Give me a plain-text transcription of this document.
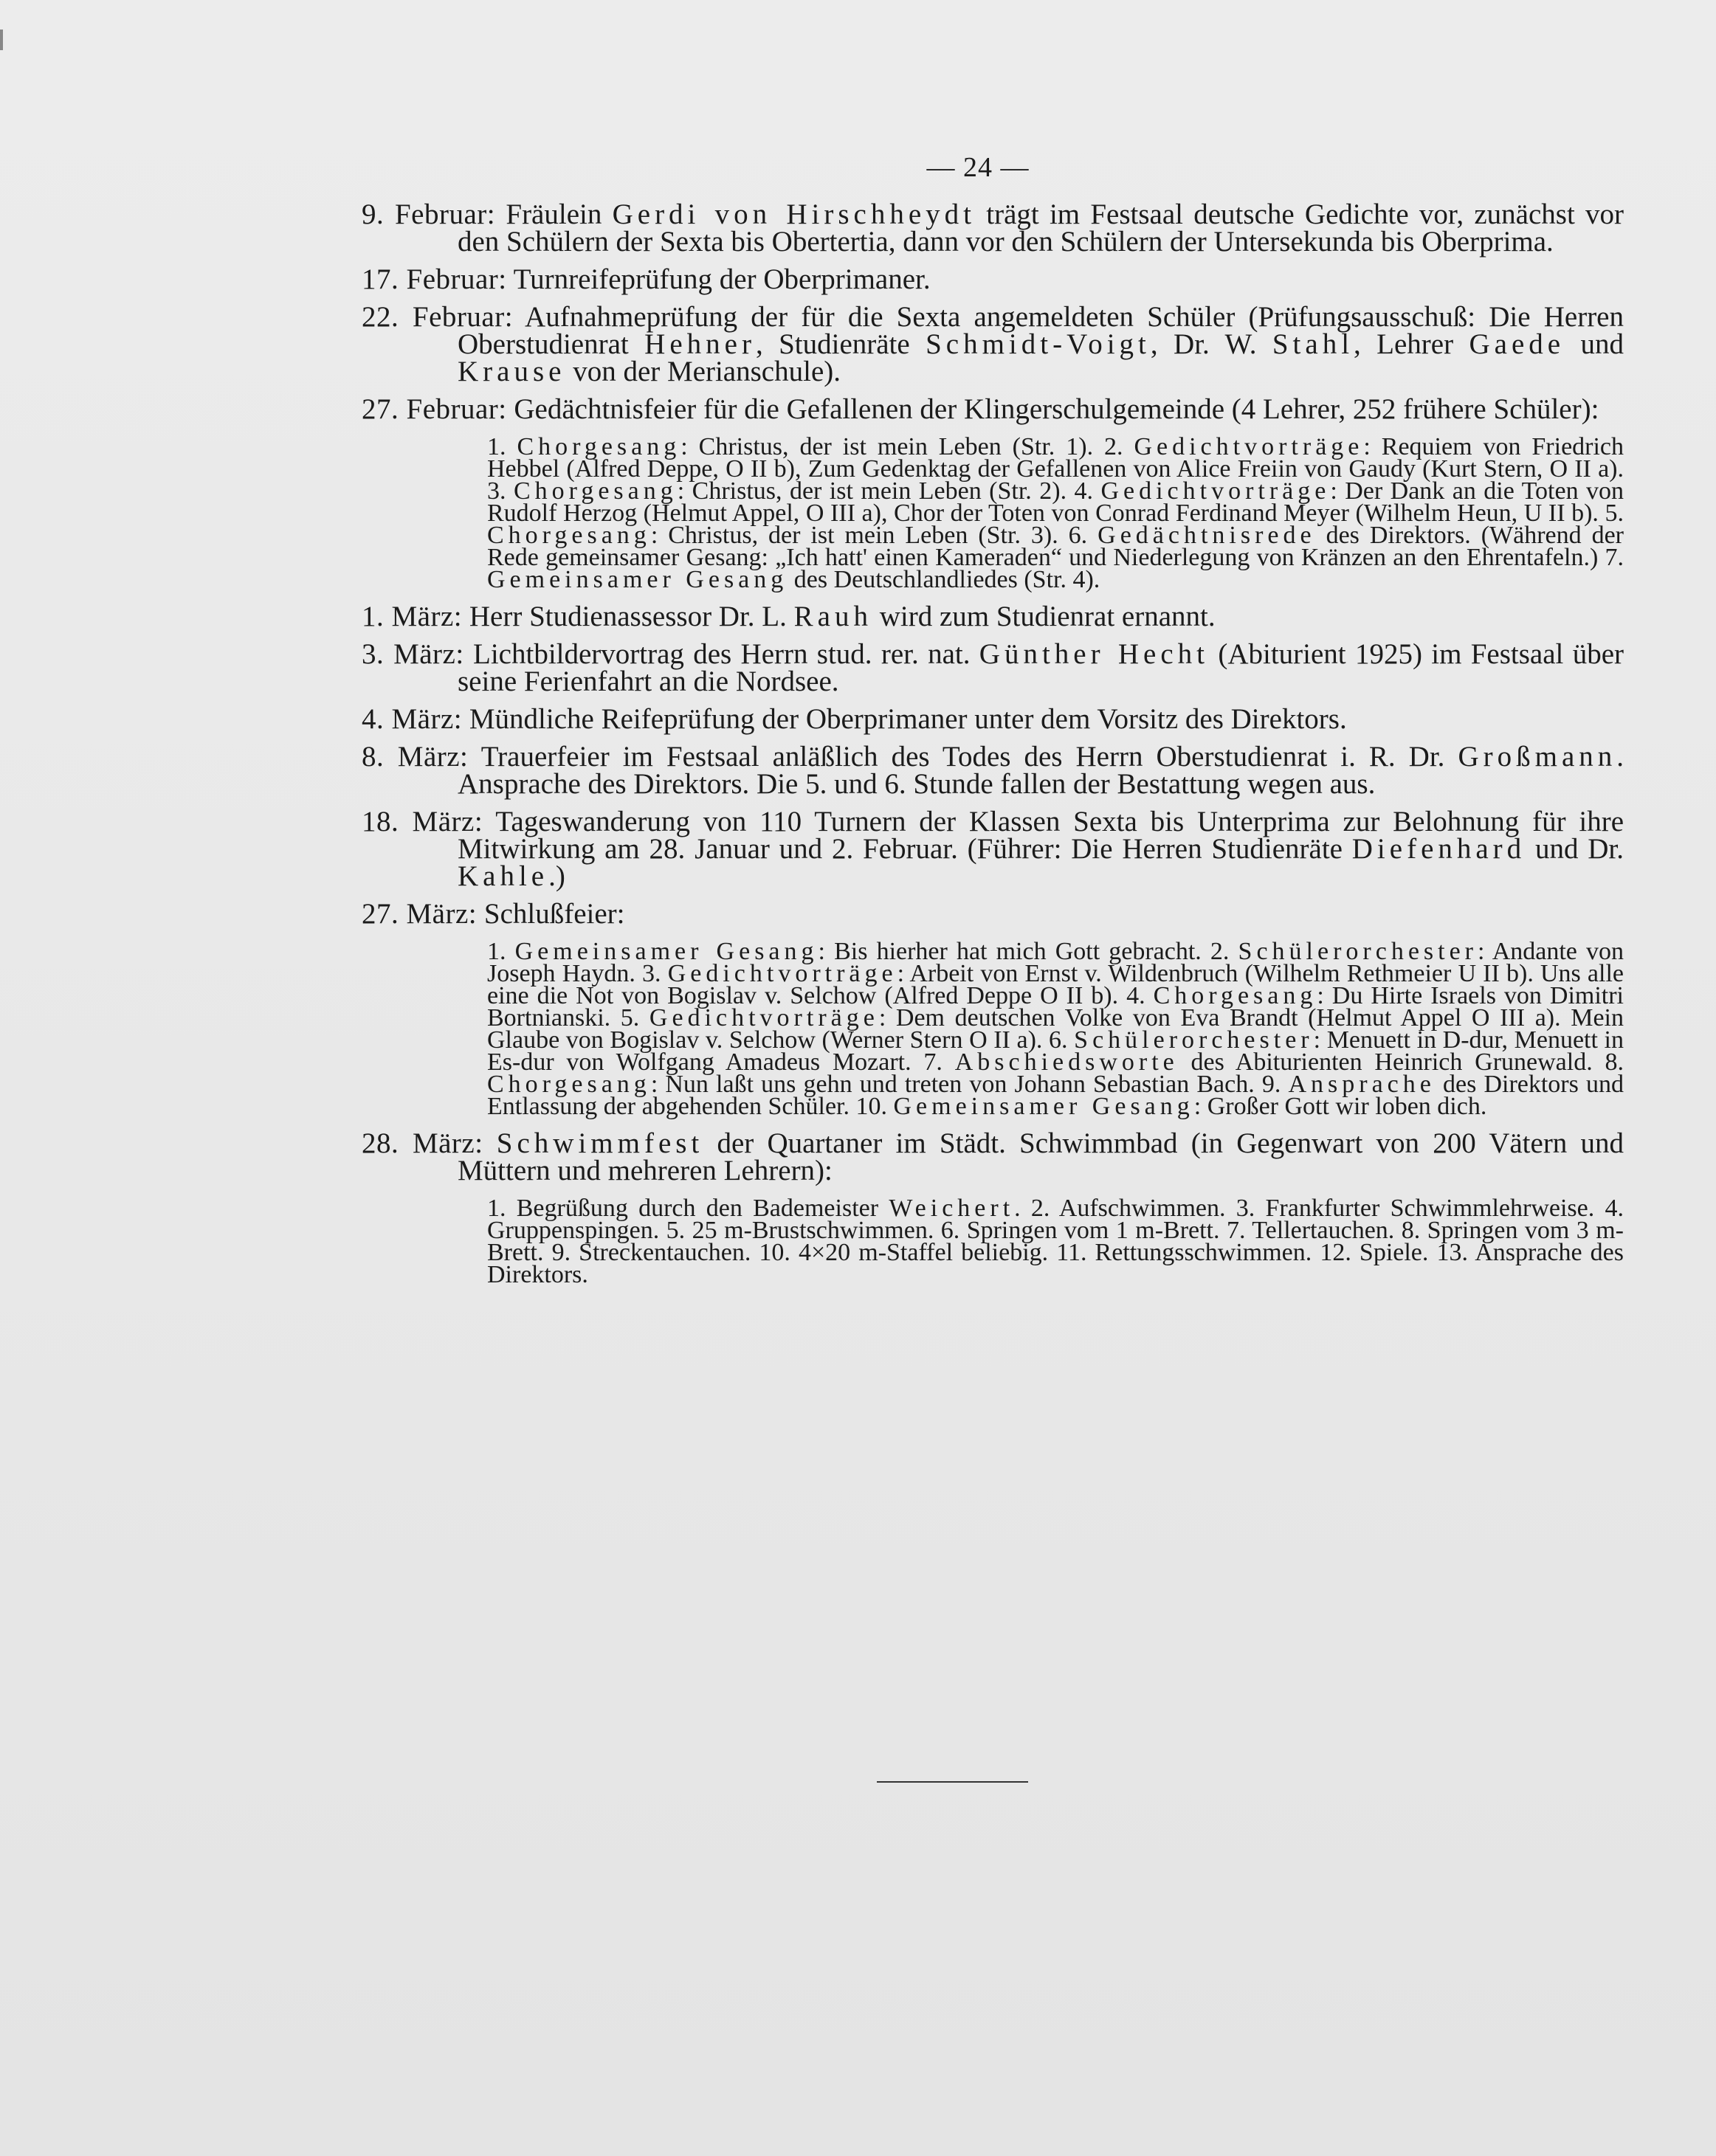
— 24 —
9. Februar: Fräulein Gerdi von Hirschheydt trägt im Festsaal deutsche Gedichte vor, zunächst vor den Schülern der Sexta bis Obertertia, dann vor den Schülern der Untersekunda bis Oberprima.
17. Februar: Turnreifeprüfung der Oberprimaner.
22. Februar: Aufnahmeprüfung der für die Sexta angemeldeten Schüler (Prüfungsausschuß: Die Herren Oberstudienrat Hehner, Studienräte Schmidt-Voigt, Dr. W. Stahl, Lehrer Gaede und Krause von der Merianschule).
27. Februar: Gedächtnisfeier für die Gefallenen der Klingerschulgemeinde (4 Lehrer, 252 frühere Schüler):
1. Chorgesang: Christus, der ist mein Leben (Str. 1). 2. Gedichtvorträge: Requiem von Friedrich Hebbel (Alfred Deppe, O II b), Zum Gedenktag der Gefallenen von Alice Freiin von Gaudy (Kurt Stern, O II a). 3. Chorgesang: Christus, der ist mein Leben (Str. 2). 4. Gedichtvorträge: Der Dank an die Toten von Rudolf Herzog (Helmut Appel, O III a), Chor der Toten von Conrad Ferdinand Meyer (Wilhelm Heun, U II b). 5. Chorgesang: Christus, der ist mein Leben (Str. 3). 6. Gedächtnisrede des Direktors. (Während der Rede gemeinsamer Gesang: „Ich hatt' einen Kameraden“ und Niederlegung von Kränzen an den Ehrentafeln.) 7. Gemeinsamer Gesang des Deutschlandliedes (Str. 4).
1. März: Herr Studienassessor Dr. L. Rauh wird zum Studienrat ernannt.
3. März: Lichtbildervortrag des Herrn stud. rer. nat. Günther Hecht (Abiturient 1925) im Festsaal über seine Ferienfahrt an die Nordsee.
4. März: Mündliche Reifeprüfung der Oberprimaner unter dem Vorsitz des Direktors.
8. März: Trauerfeier im Festsaal anläßlich des Todes des Herrn Oberstudienrat i. R. Dr. Großmann. Ansprache des Direktors. Die 5. und 6. Stunde fallen der Bestattung wegen aus.
18. März: Tageswanderung von 110 Turnern der Klassen Sexta bis Unterprima zur Belohnung für ihre Mitwirkung am 28. Januar und 2. Februar. (Führer: Die Herren Studienräte Diefenhard und Dr. Kahle.)
27. März: Schlußfeier:
1. Gemeinsamer Gesang: Bis hierher hat mich Gott gebracht. 2. Schülerorchester: Andante von Joseph Haydn. 3. Gedichtvorträge: Arbeit von Ernst v. Wildenbruch (Wilhelm Rethmeier U II b). Uns alle eine die Not von Bogislav v. Selchow (Alfred Deppe O II b). 4. Chorgesang: Du Hirte Israels von Dimitri Bortnianski. 5. Gedichtvorträge: Dem deutschen Volke von Eva Brandt (Helmut Appel O III a). Mein Glaube von Bogislav v. Selchow (Werner Stern O II a). 6. Schülerorchester: Menuett in D-dur, Menuett in Es-dur von Wolfgang Amadeus Mozart. 7. Abschiedsworte des Abiturienten Heinrich Grunewald. 8. Chorgesang: Nun laßt uns gehn und treten von Johann Sebastian Bach. 9. Ansprache des Direktors und Entlassung der abgehenden Schüler. 10. Gemeinsamer Gesang: Großer Gott wir loben dich.
28. März: Schwimmfest der Quartaner im Städt. Schwimmbad (in Gegenwart von 200 Vätern und Müttern und mehreren Lehrern):
1. Begrüßung durch den Bademeister Weichert. 2. Aufschwimmen. 3. Frankfurter Schwimmlehrweise. 4. Gruppenspingen. 5. 25 m-Brustschwimmen. 6. Springen vom 1 m-Brett. 7. Tellertauchen. 8. Springen vom 3 m-Brett. 9. Streckentauchen. 10. 4×20 m-Staffel beliebig. 11. Rettungsschwimmen. 12. Spiele. 13. Ansprache des Direktors.
